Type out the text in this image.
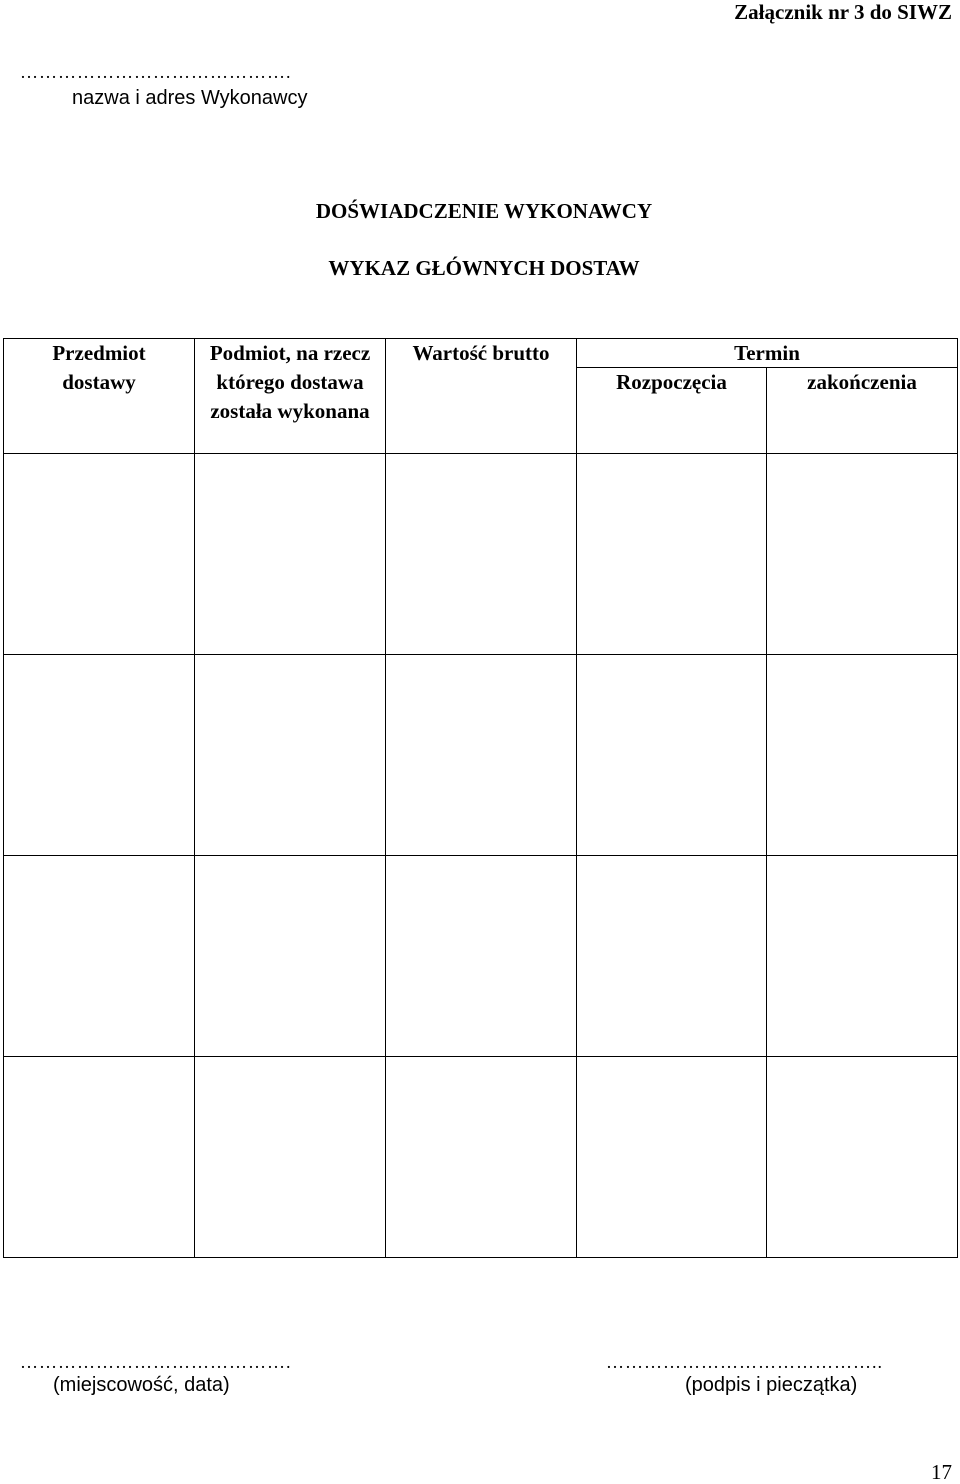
Załącznik nr 3 do SIWZ
…………………………………….
nazwa i adres Wykonawcy
DOŚWIADCZENIE WYKONAWCY
WYKAZ GŁÓWNYCH DOSTAW
Przedmiot dostawy	Podmiot, na rzecz którego dostawa została wykonana	Wartość brutto	Termin	
			Rozpoczęcia	zakończenia

…………………………………….
(miejscowość, data)
……………………………………..
(podpis i pieczątka)
17
